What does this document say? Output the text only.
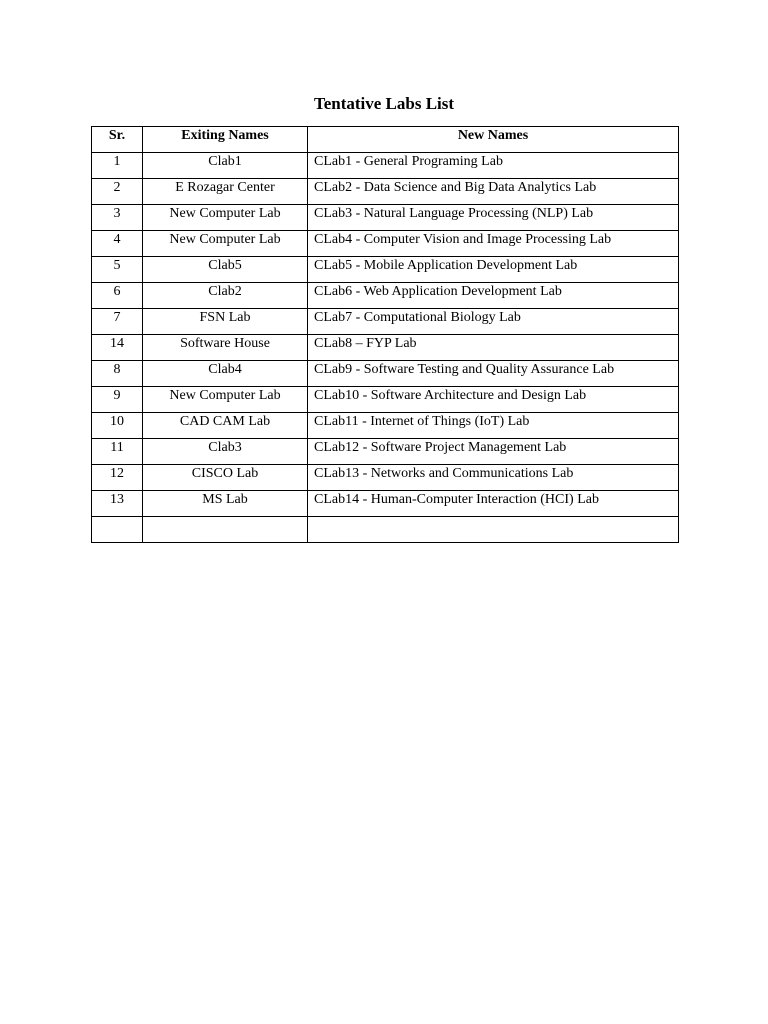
Tentative Labs List
Sr.	Exiting Names	New Names
1	Clab1	CLab1 - General Programing Lab
2	E Rozagar Center	CLab2 - Data Science and Big Data Analytics Lab
3	New Computer Lab	CLab3 - Natural Language Processing (NLP) Lab
4	New Computer Lab	CLab4 - Computer Vision and Image Processing Lab
5	Clab5	CLab5 - Mobile Application Development Lab
6	Clab2	CLab6 - Web Application Development Lab
7	FSN Lab	CLab7 - Computational Biology Lab
14	Software House	CLab8 – FYP Lab
8	Clab4	CLab9 - Software Testing and Quality Assurance Lab
9	New Computer Lab	CLab10 - Software Architecture and Design Lab
10	CAD CAM Lab	CLab11 - Internet of Things (IoT) Lab
11	Clab3	CLab12 - Software Project Management Lab
12	CISCO Lab	CLab13 - Networks and Communications Lab
13	MS Lab	CLab14 - Human-Computer Interaction (HCI) Lab
